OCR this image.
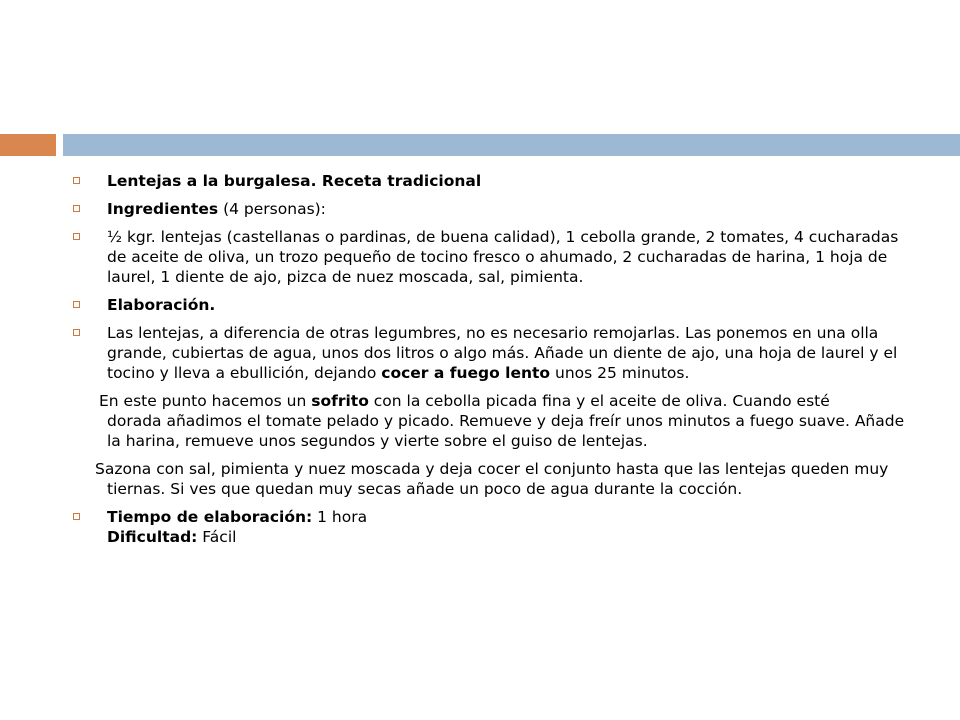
Lentejas a la burgalesa. Receta tradicional
Ingredientes (4 personas):
½ kgr. lentejas (castellanas o pardinas, de buena calidad), 1 cebolla grande, 2 tomates, 4 cucharadas de aceite de oliva, un trozo pequeño de tocino fresco o ahumado, 2 cucharadas de harina, 1 hoja de laurel, 1 diente de ajo, pizca de nuez moscada, sal, pimienta.
Elaboración.
Las lentejas, a diferencia de otras legumbres, no es necesario remojarlas. Las ponemos en una olla grande, cubiertas de agua, unos dos litros o algo más. Añade un diente de ajo, una hoja de laurel y el tocino y lleva a ebullición, dejando cocer a fuego lento unos 25 minutos.
En este punto hacemos un sofrito con la cebolla picada fina y el aceite de oliva. Cuando esté
dorada añadimos el tomate pelado y picado. Remueve y deja freír unos minutos a fuego suave. Añade la harina, remueve unos segundos y vierte sobre el guiso de lentejas.
Sazona con sal, pimienta y nuez moscada y deja cocer el conjunto hasta que las lentejas queden muy
tiernas. Si ves que quedan muy secas añade un poco de agua durante la cocción.
Tiempo de elaboración: 1 hora
Dificultad: Fácil
